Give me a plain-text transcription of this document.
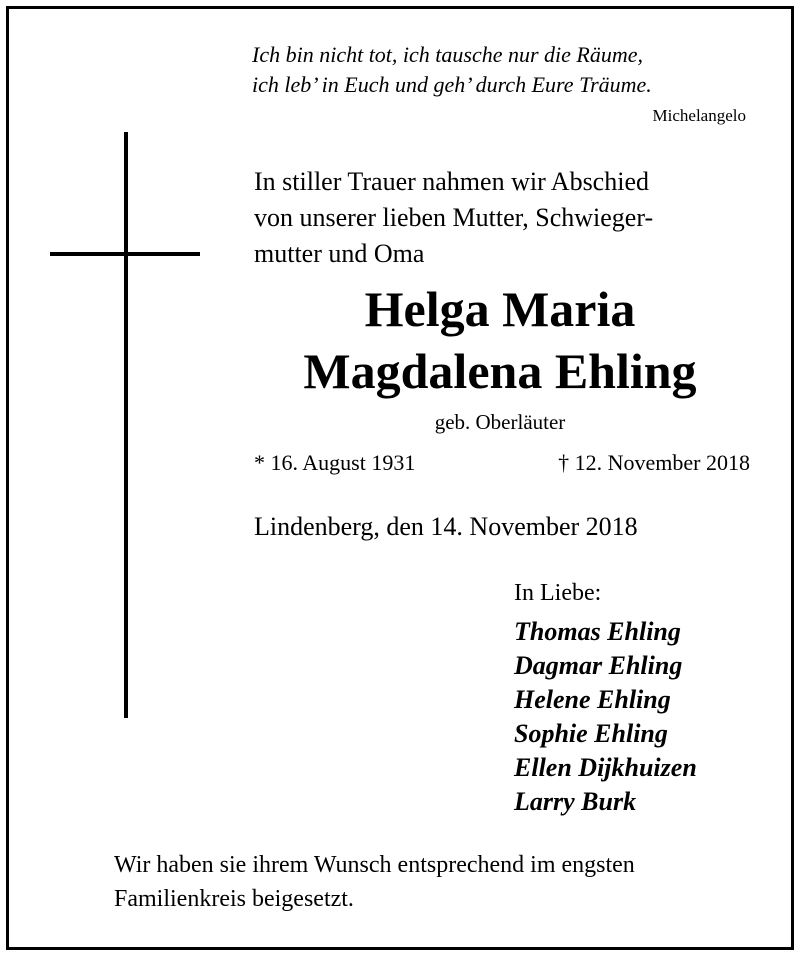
Ich bin nicht tot, ich tausche nur die Räume,
ich leb’ in Euch und geh’ durch Eure Träume.
Michelangelo
In stiller Trauer nahmen wir Abschied
von unserer lieben Mutter, Schwieger-
mutter und Oma
Helga Maria
Magdalena Ehling
geb. Oberläuter
* 16. August 1931	† 12. November 2018
Lindenberg, den 14. November 2018
In Liebe:
Thomas Ehling
Dagmar Ehling
Helene Ehling
Sophie Ehling
Ellen Dijkhuizen
Larry Burk
Wir haben sie ihrem Wunsch entsprechend im engsten
Familienkreis beigesetzt.
